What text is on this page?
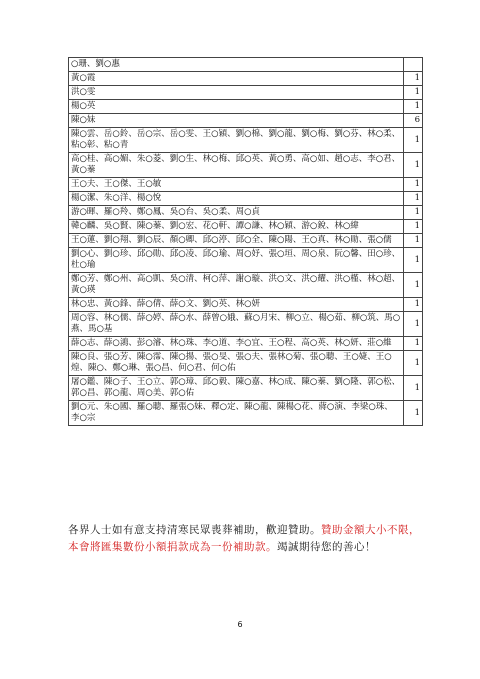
○珊、劉○惠	
黃○霞	1
洪○雯	1
楊○英	1
陳○妹	6
陳○雲、岳○鈴、岳○宗、岳○雯、王○穎、劉○棉、劉○龍、劉○梅、劉○芬、林○柔、粘○彰、粘○青	1
高○桂、高○媚、朱○菱、劉○生、林○梅、邱○英、黃○勇、高○如、趙○志、李○君、黃○蓁	1
王○夫、王○傑、王○敏	1
楊○潔、朱○洋、楊○悅	1
游○暉、羅○羚、鄭○鳳、吳○台、吳○柔、周○貞	1
韓○麟、吳○賢、陳○蓁、劉○宏、花○軒、譚○謙、林○穎、游○銳、林○緯	1
王○蓮、劉○翔、劉○辰、顏○卿、邱○渟、邱○全、陳○陽、王○真、林○勛、張○儒	1
劉○心、劉○珍、邱○勛、邱○凌、邱○瑜、周○妤、張○垣、周○泉、阮○馨、田○珍、杜○瑜	1
鄭○芳、鄭○州、高○凱、吳○清、柯○萍、謝○璇、洪○文、洪○耀、洪○槿、林○超、黃○瑛	1
林○忠、黃○鋒、薛○倩、薛○文、劉○英、林○妍	1
周○容、林○儒、薛○婷、薛○水、薛曾○娥、蘇○月宋、柳○立、楊○茹、柳○筑、馬○燕、馬○基	1
薛○志、薛○鴻、彭○濬、林○珠、李○道、李○宜、王○程、高○英、林○妍、莊○維	1
陳○良、張○芳、陳○霈、陳○揚、張○旻、張○夫、張林○菊、張○聰、王○婕、王○煌、陳○、鄭○琳、張○昌、何○君、何○佑	1
屠○鑑、陳○子、王○立、郭○璋、邱○毅、陳○嘉、林○成、陳○蓁、劉○隆、郭○松、郭○昌、郭○龍、周○美、郭○佑	1
劉○元、朱○國、羅○聰、羅張○妹、釋○定、陳○龍、陳楊○花、蔣○演、李梁○珠、李○宗	1
各界人士如有意支持清寒民眾喪葬補助，歡迎贊助。贊助金額大小不限，本會將匯集數份小額捐款成為一份補助款。竭誠期待您的善心！
6
